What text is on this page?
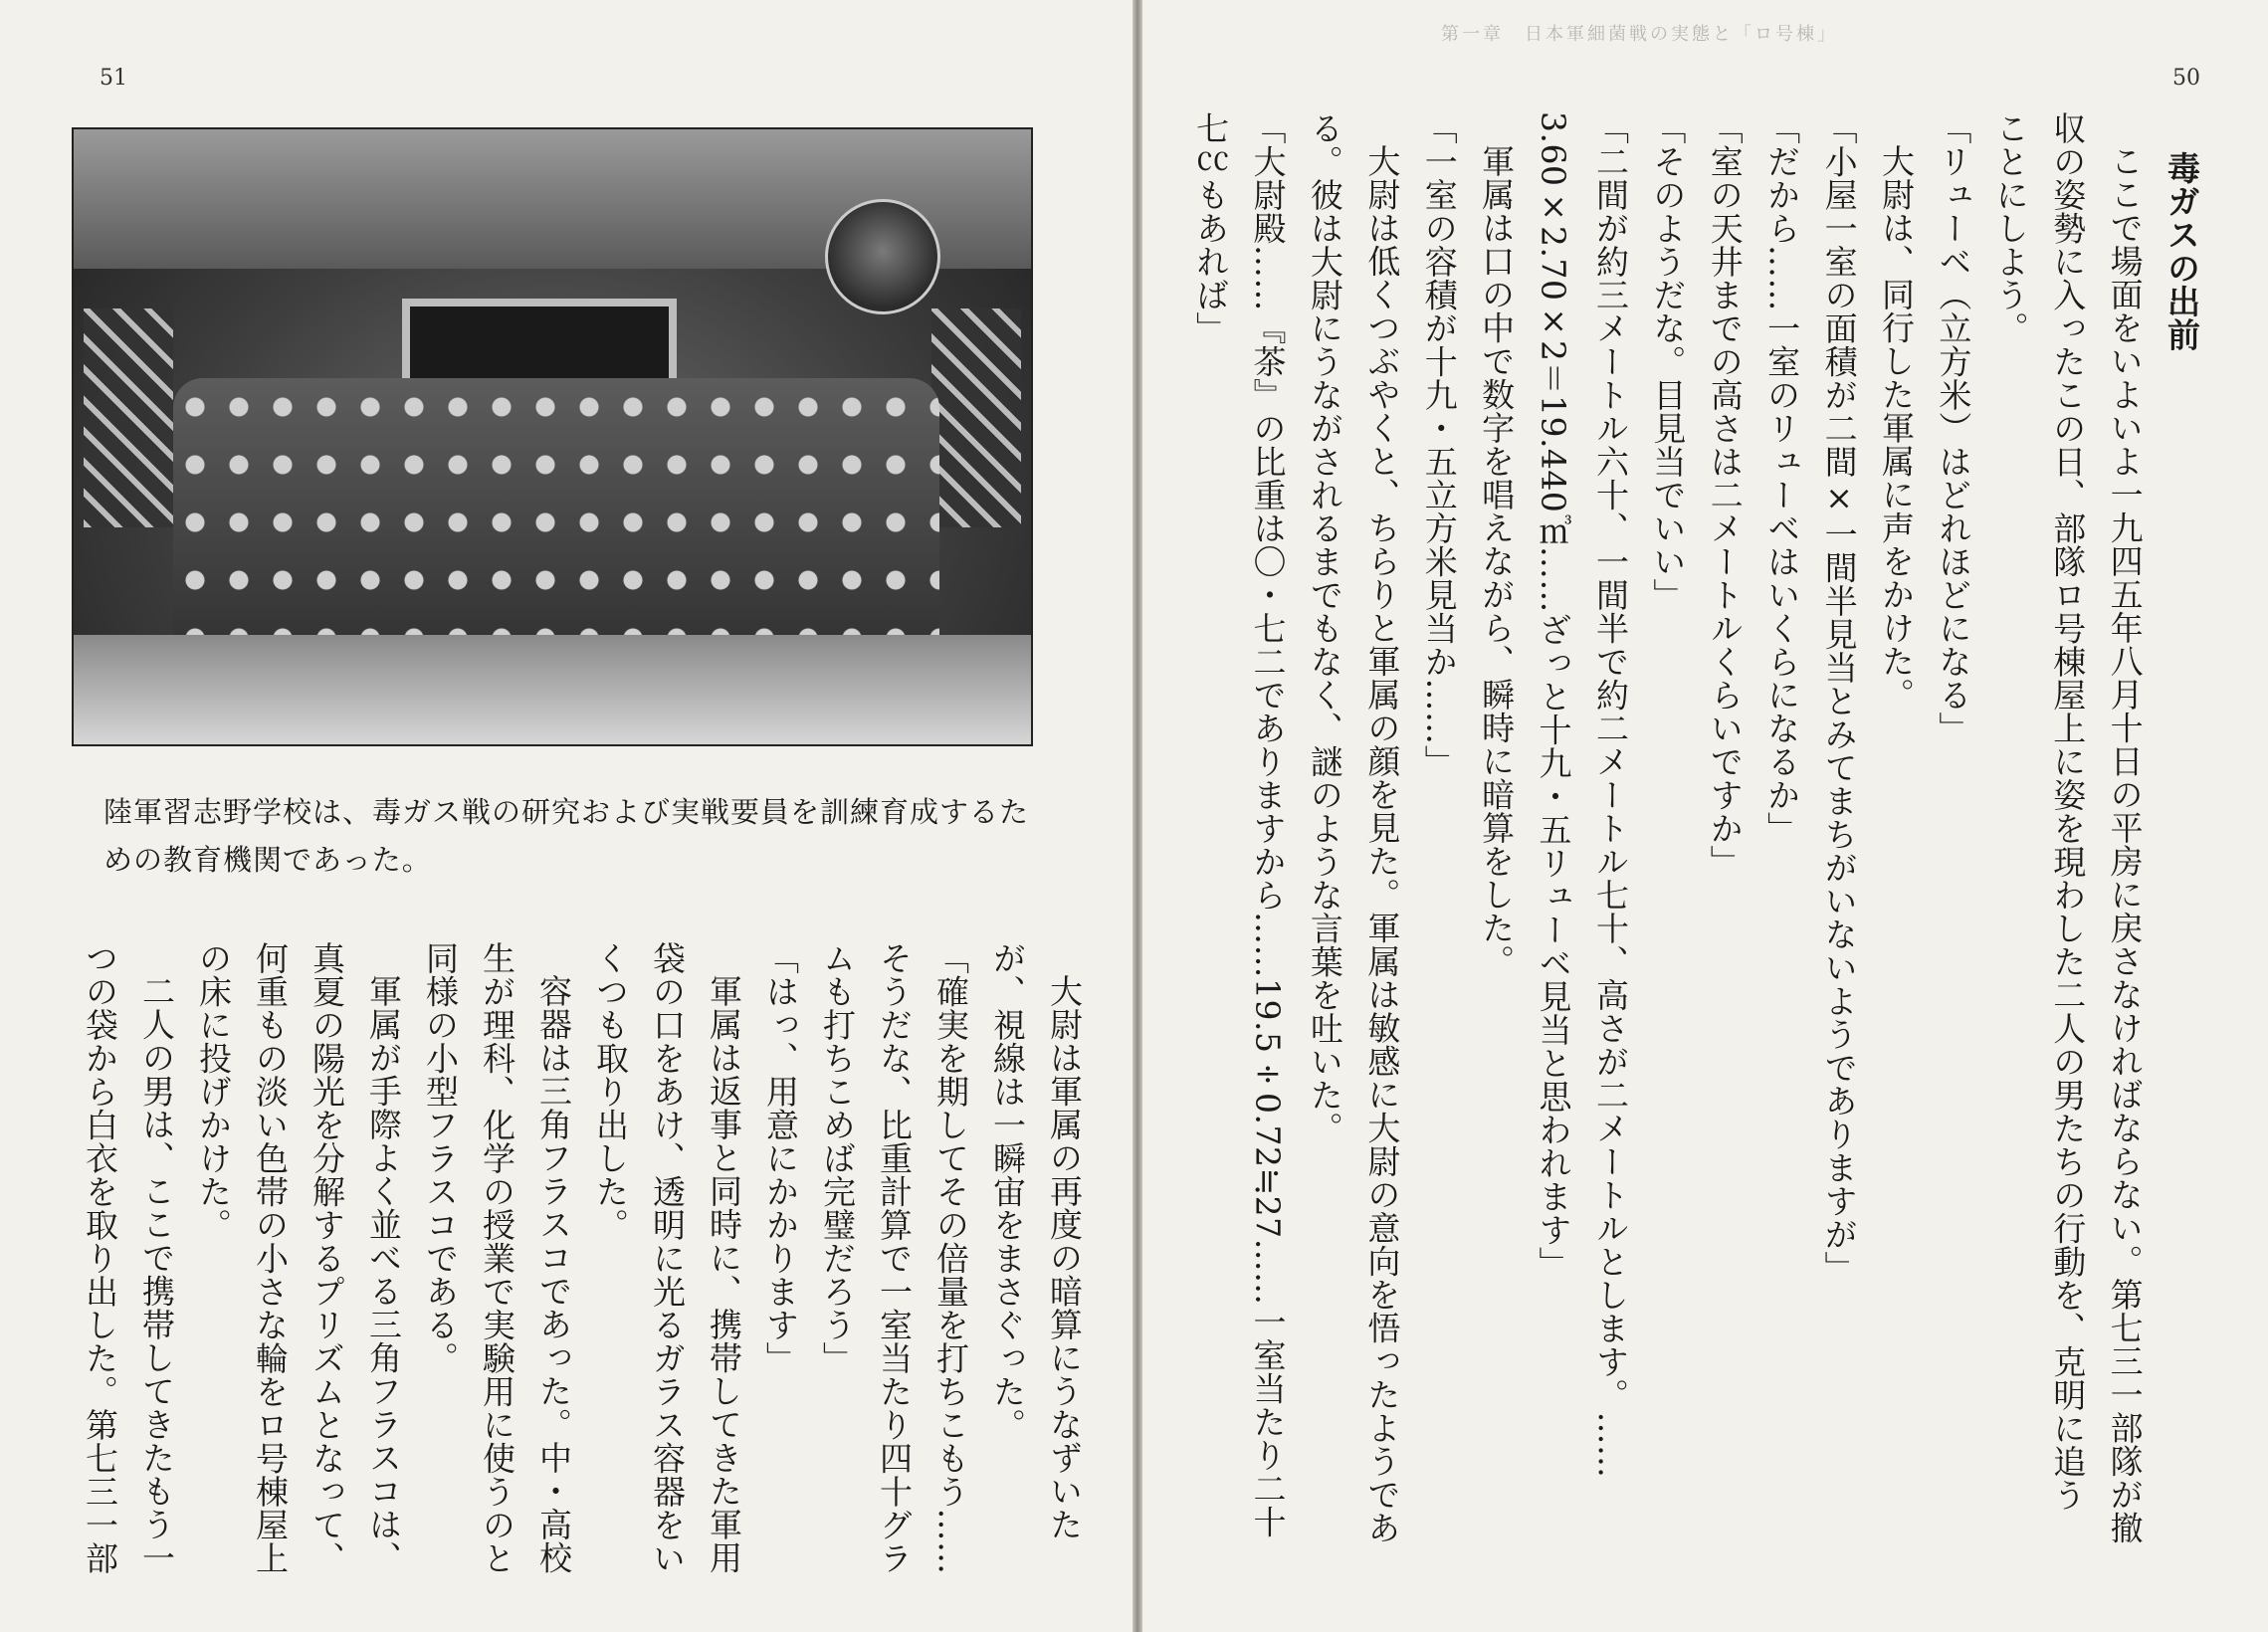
51
陸軍習志野学校は、毒ガス戦の研究および実戦要員を訓練育成するための教育機関であった。

大尉は軍属の再度の暗算にうなずいたが、視線は一瞬宙をまさぐった。

「確実を期してその倍量を打ちこもう……そうだな、比重計算で一室当たり四十グラムも打ちこめば完璧だろう」

「はっ、用意にかかります」

軍属は返事と同時に、携帯してきた軍用袋の口をあけ、透明に光るガラス容器をいくつも取り出した。

容器は三角フラスコであった。中・高校生が理科、化学の授業で実験用に使うのと同様の小型フラスコである。

軍属が手際よく並べる三角フラスコは、真夏の陽光を分解するプリズムとなって、何重もの淡い色帯の小さな輪をロ号棟屋上の床に投げかけた。

二人の男は、ここで携帯してきたもう一つの袋から白衣を取り出した。第七三一部

第一章　日本軍細菌戦の実態と「ロ号棟」
50

毒ガスの出前

ここで場面をいよいよ一九四五年八月十日の平房に戻さなければならない。第七三一部隊が撤収の姿勢に入ったこの日、部隊ロ号棟屋上に姿を現わした二人の男たちの行動を、克明に追うことにしよう。

「リューベ（立方米）はどれほどになる」

大尉は、同行した軍属に声をかけた。

「小屋一室の面積が二間×一間半見当とみてまちがいないようでありますが」

「だから……一室のリューベはいくらになるか」

「室の天井までの高さは二メートルくらいですか」

「そのようだな。目見当でいい」

「二間が約三メートル六十、一間半で約二メートル七十、高さが二メートルとします。……3.60×2.70×2＝19.440㎥……ざっと十九・五リューベ見当と思われます」

軍属は口の中で数字を唱えながら、瞬時に暗算をした。

「一室の容積が十九・五立方米見当か……」

大尉は低くつぶやくと、ちらりと軍属の顔を見た。軍属は敏感に大尉の意向を悟ったようである。彼は大尉にうながされるまでもなく、謎のような言葉を吐いた。

「大尉殿……『茶』の比重は〇・七二でありますから……19.5÷0.72≒27……一室当たり二十七㏄もあれば」
